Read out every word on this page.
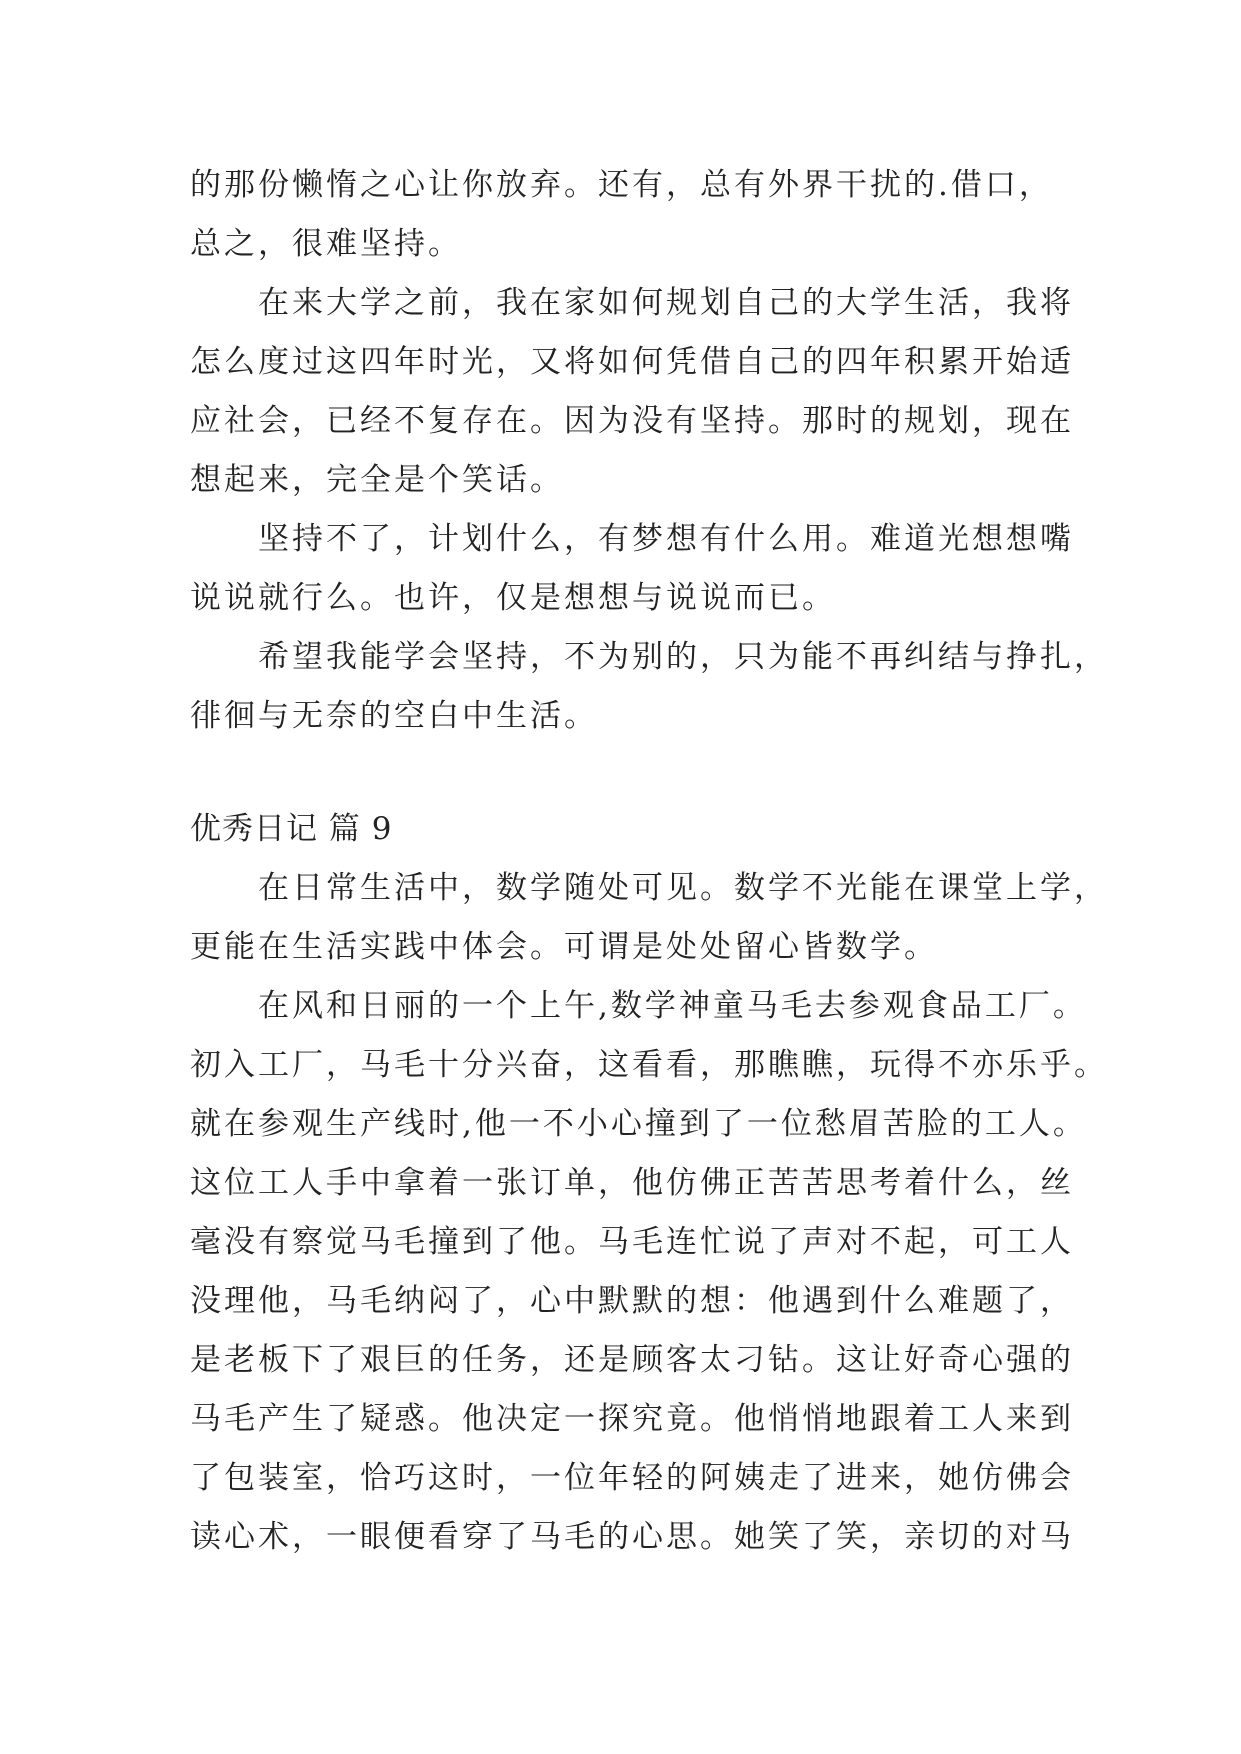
的那份懒惰之心让你放弃。还有，总有外界干扰的.借口，
总之，很难坚持。
　　在来大学之前，我在家如何规划自己的大学生活，我将
怎么度过这四年时光，又将如何凭借自己的四年积累开始适
应社会，已经不复存在。因为没有坚持。那时的规划，现在
想起来，完全是个笑话。
　　坚持不了，计划什么，有梦想有什么用。难道光想想嘴
说说就行么。也许，仅是想想与说说而已。
　　希望我能学会坚持，不为别的，只为能不再纠结与挣扎，
徘徊与无奈的空白中生活。
优秀日记 篇 9
　　在日常生活中，数学随处可见。数学不光能在课堂上学，
更能在生活实践中体会。可谓是处处留心皆数学。
　　在风和日丽的一个上午,数学神童马毛去参观食品工厂。
初入工厂，马毛十分兴奋，这看看，那瞧瞧，玩得不亦乐乎。
就在参观生产线时,他一不小心撞到了一位愁眉苦脸的工人。
这位工人手中拿着一张订单，他仿佛正苦苦思考着什么，丝
毫没有察觉马毛撞到了他。马毛连忙说了声对不起，可工人
没理他，马毛纳闷了，心中默默的想：他遇到什么难题了，
是老板下了艰巨的任务，还是顾客太刁钻。这让好奇心强的
马毛产生了疑惑。他决定一探究竟。他悄悄地跟着工人来到
了包装室，恰巧这时，一位年轻的阿姨走了进来，她仿佛会
读心术，一眼便看穿了马毛的心思。她笑了笑，亲切的对马
